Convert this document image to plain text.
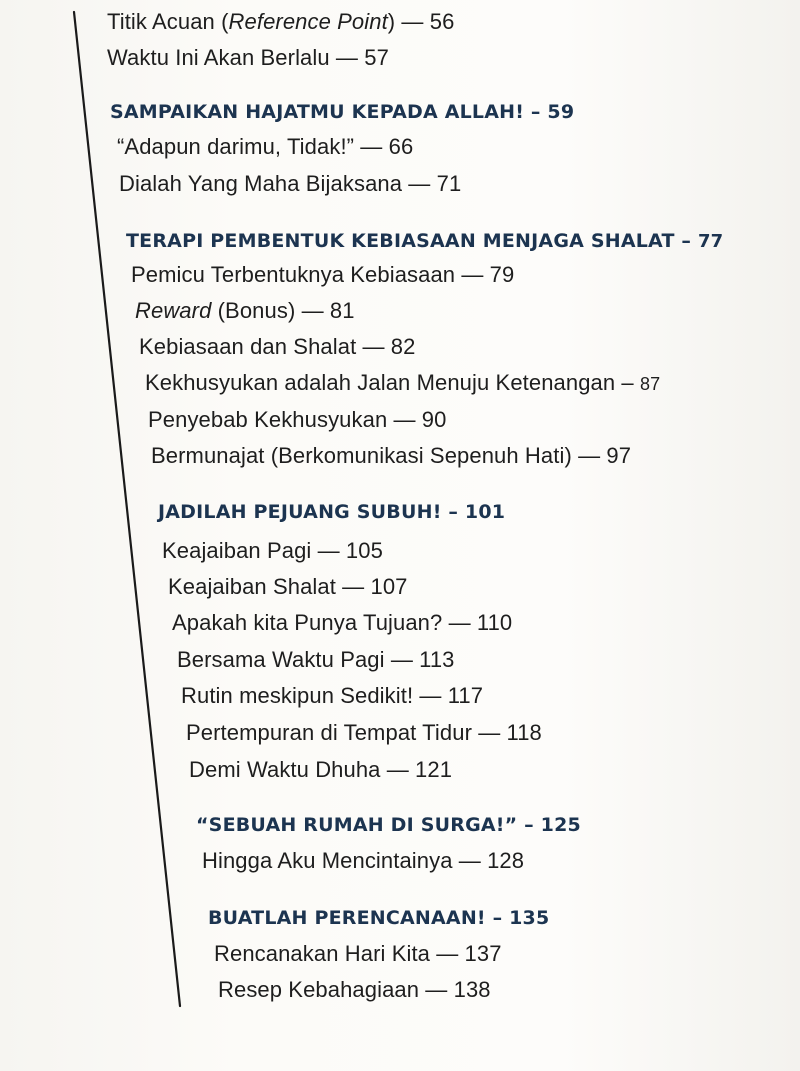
Titik Acuan (Reference Point) — 56
Waktu Ini Akan Berlalu — 57
SAMPAIKAN HAJATMU KEPADA ALLAH! – 59
“Adapun darimu, Tidak!” — 66
Dialah Yang Maha Bijaksana — 71
TERAPI PEMBENTUK KEBIASAAN MENJAGA SHALAT – 77
Pemicu Terbentuknya Kebiasaan — 79
Reward (Bonus) — 81
Kebiasaan dan Shalat — 82
Kekhusyukan adalah Jalan Menuju Ketenangan – 87
Penyebab Kekhusyukan — 90
Bermunajat (Berkomunikasi Sepenuh Hati) — 97
JADILAH PEJUANG SUBUH! – 101
Keajaiban Pagi — 105
Keajaiban Shalat — 107
Apakah kita Punya Tujuan? — 110
Bersama Waktu Pagi — 113
Rutin meskipun Sedikit! — 117
Pertempuran di Tempat Tidur — 118
Demi Waktu Dhuha — 121
“SEBUAH RUMAH DI SURGA!” – 125
Hingga Aku Mencintainya — 128
BUATLAH PERENCANAAN! – 135
Rencanakan Hari Kita — 137
Resep Kebahagiaan — 138
